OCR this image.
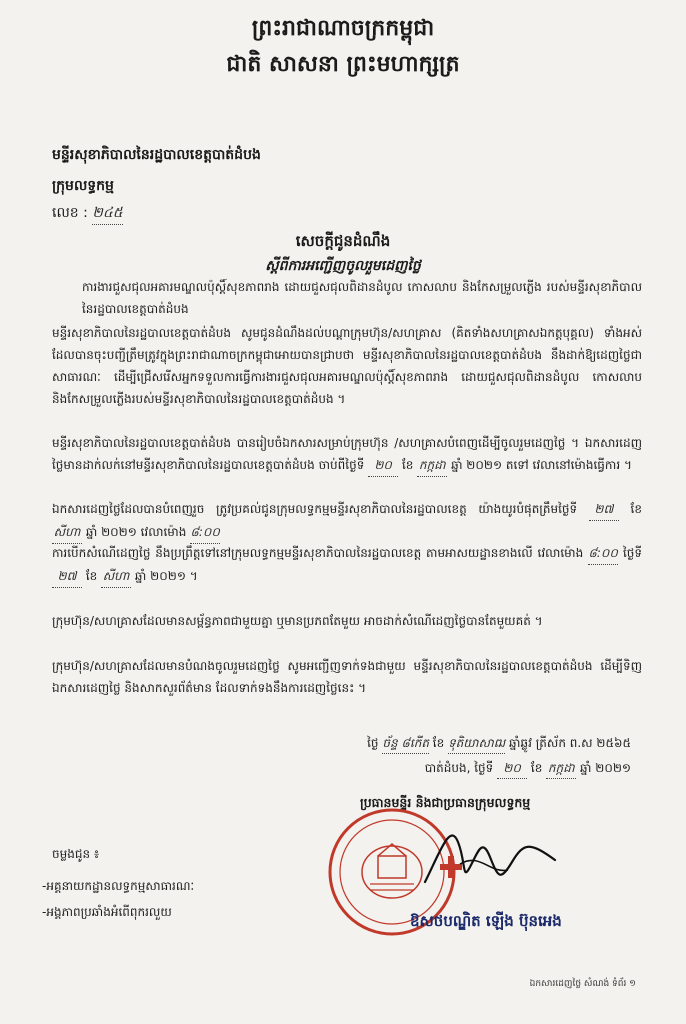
ព្រះរាជាណាចក្រកម្ពុជា
ជាតិ សាសនា ព្រះមហាក្សត្រ
មន្ទីរសុខាភិបាលនៃរដ្ឋបាលខេត្តបាត់ដំបង
ក្រុមលទ្ធកម្ម
លេខ : ២៤៥
សេចក្តីជូនដំណឹង
ស្តីពីការអញ្ជើញចូលរួមដេញថ្លៃ
ការងារជួសជុលអគារមណ្ឌលប៉ុស្តិ៍សុខភាពរាង ដោយជួសជុលពិដានដំបូល កោសលាប និងកែសម្រួលភ្លើង របស់មន្ទីរសុខាភិបាលនៃរដ្ឋបាលខេត្តបាត់ដំបង
មន្ទីរសុខាភិបាលនៃរដ្ឋបាលខេត្តបាត់ដំបង សូមជូនដំណឹងដល់បណ្តាក្រុមហ៊ុន/សហគ្រាស (គិតទាំងសហគ្រាសឯកត្តបុគ្គល) ទាំងអស់ដែលបានចុះបញ្ជីត្រឹមត្រូវក្នុងព្រះរាជាណាចក្រកម្ពុជាអោយបានជ្រាបថា មន្ទីរសុខាភិបាលនៃរដ្ឋបាលខេត្តបាត់ដំបង នឹងដាក់ឱ្យដេញថ្លៃជាសាធារណៈ ដើម្បីជ្រើសរើសអ្នកទទួលការធ្វើការងារជួសជុលអគារមណ្ឌលប៉ុស្តិ៍សុខភាពរាង ដោយជួសជុលពិដានដំបូល កោសលាប និងកែសម្រួលភ្លើងរបស់មន្ទីរសុខាភិបាលនៃរដ្ឋបាលខេត្តបាត់ដំបង ។
មន្ទីរសុខាភិបាលនៃរដ្ឋបាលខេត្តបាត់ដំបង បានរៀបចំឯកសារសម្រាប់ក្រុមហ៊ុន /សហគ្រាសបំពេញដើម្បីចូលរួមដេញថ្លៃ ។ ឯកសារដេញថ្លៃមានដាក់លក់នៅមន្ទីរសុខាភិបាលនៃរដ្ឋបាលខេត្តបាត់ដំបង ចាប់ពីថ្ងៃទី ២០ ខែ កក្កដា ឆ្នាំ ២០២១ តទៅ វេលានៅម៉ោងធ្វើការ ។
ឯកសារដេញថ្លៃដែលបានបំពេញរួច ត្រូវប្រគល់ជូនក្រុមលទ្ធកម្មមន្ទីរសុខាភិបាលនៃរដ្ឋបាលខេត្ត យ៉ាងយូរបំផុតត្រឹមថ្ងៃទី ២៧ ខែ សីហា ឆ្នាំ ២០២១ វេលាម៉ោង ៨:០០
ការបើកសំណើដេញថ្លៃ នឹងប្រព្រឹត្តទៅនៅក្រុមលទ្ធកម្មមន្ទីរសុខាភិបាលនៃរដ្ឋបាលខេត្ត តាមអាសយដ្ឋានខាងលើ វេលាម៉ោង ៨:០០ ថ្ងៃទី ២៧ ខែ សីហា ឆ្នាំ ២០២១ ។
ក្រុមហ៊ុន/សហគ្រាសដែលមានសម្ព័ន្ធភាពជាមួយគ្នា ឬមានប្រភពតែមួយ អាចដាក់សំណើដេញថ្លៃបានតែមួយគត់ ។
ក្រុមហ៊ុន/សហគ្រាសដែលមានបំណងចូលរួមដេញថ្លៃ សូមអញ្ជើញទាក់ទងជាមួយ មន្ទីរសុខាភិបាលនៃរដ្ឋបាលខេត្តបាត់ដំបង ដើម្បីទិញឯកសារដេញថ្លៃ និងសាកសួរព័ត៌មាន ដែលទាក់ទងនឹងការដេញថ្លៃនេះ ។
ថ្ងៃ ច័ន្ទ ៨កើត ខែ ទុតិយាសាឍ ឆ្នាំឆ្លូវ ត្រីស័ក ព.ស ២៥៦៥
បាត់ដំបង, ថ្ងៃទី ២០ ខែ កក្កដា ឆ្នាំ ២០២១
ប្រធានមន្ទីរ និងជាប្រធានក្រុមលទ្ធកម្ម
ឱសថបណ្ឌិត ឡើង ប៊ុនអេង
ចម្លងជូន ៖
-អគ្គនាយកដ្ឋានលទ្ធកម្មសាធារណៈ
-អង្គភាពប្រឆាំងអំពើពុករលួយ
ឯកសារដេញថ្លៃ សំណង់ ទំព័រ ១
